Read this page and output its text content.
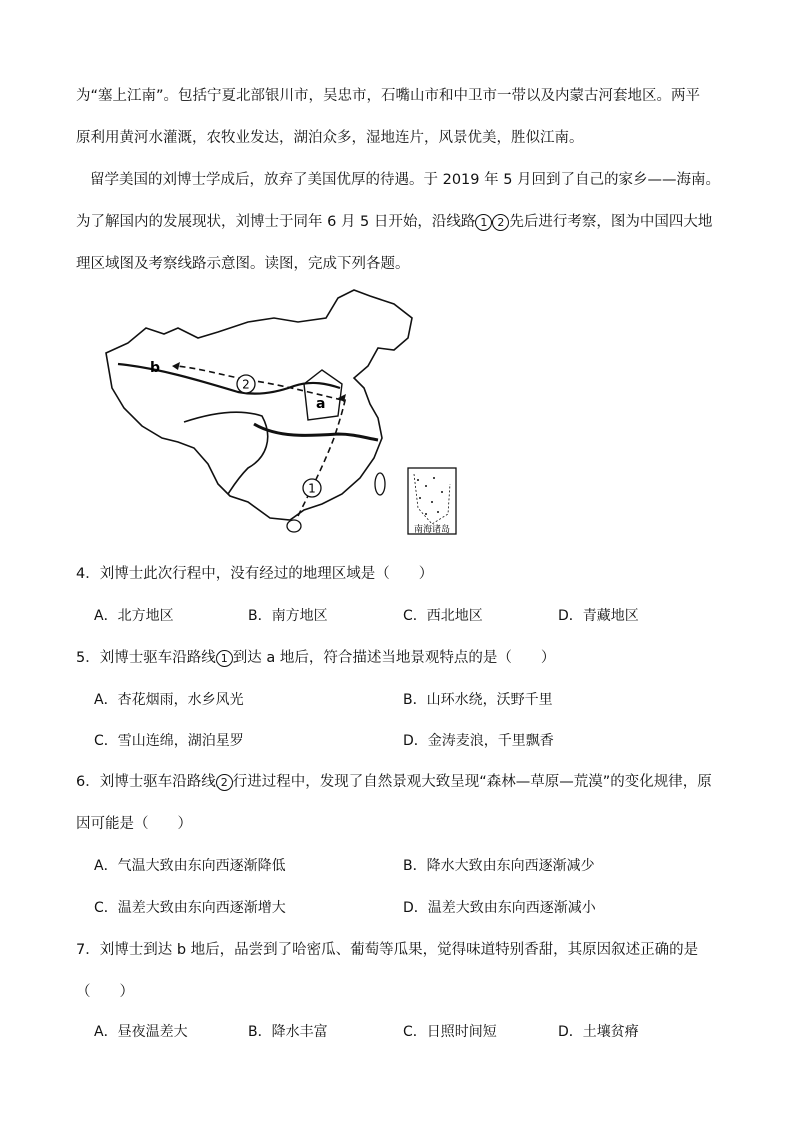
为“塞上江南”。包括宁夏北部银川市，吴忠市，石嘴山市和中卫市一带以及内蒙古河套地区。两平
原利用黄河水灌溉，农牧业发达，湖泊众多，湿地连片，风景优美，胜似江南。
留学美国的刘博士学成后，放弃了美国优厚的待遇。于 2019 年 5 月回到了自己的家乡——海南。
为了解国内的发展现状，刘博士于同年 6 月 5 日开始，沿线路 1 2 先后进行考察，图为中国四大地
理区域图及考察线路示意图。读图，完成下列各题。
b
a
2
1
南海诸岛
4．刘博士此次行程中，没有经过的地理区域是（　　）
A．北方地区	B．南方地区	C．西北地区	D．青藏地区
5．刘博士驱车沿路线 1 到达 a 地后，符合描述当地景观特点的是（　　）
A．杏花烟雨，水乡风光	B．山环水绕，沃野千里
C．雪山连绵，湖泊星罗	D．金涛麦浪，千里飘香
6．刘博士驱车沿路线 2 行进过程中，发现了自然景观大致呈现“森林—草原—荒漠”的变化规律，原
因可能是（　　）
A．气温大致由东向西逐渐降低	B．降水大致由东向西逐渐减少
C．温差大致由东向西逐渐增大	D．温差大致由东向西逐渐减小
7．刘博士到达 b 地后，品尝到了哈密瓜、葡萄等瓜果，觉得味道特别香甜，其原因叙述正确的是
（　　）
A．昼夜温差大	B．降水丰富	C．日照时间短	D．土壤贫瘠
